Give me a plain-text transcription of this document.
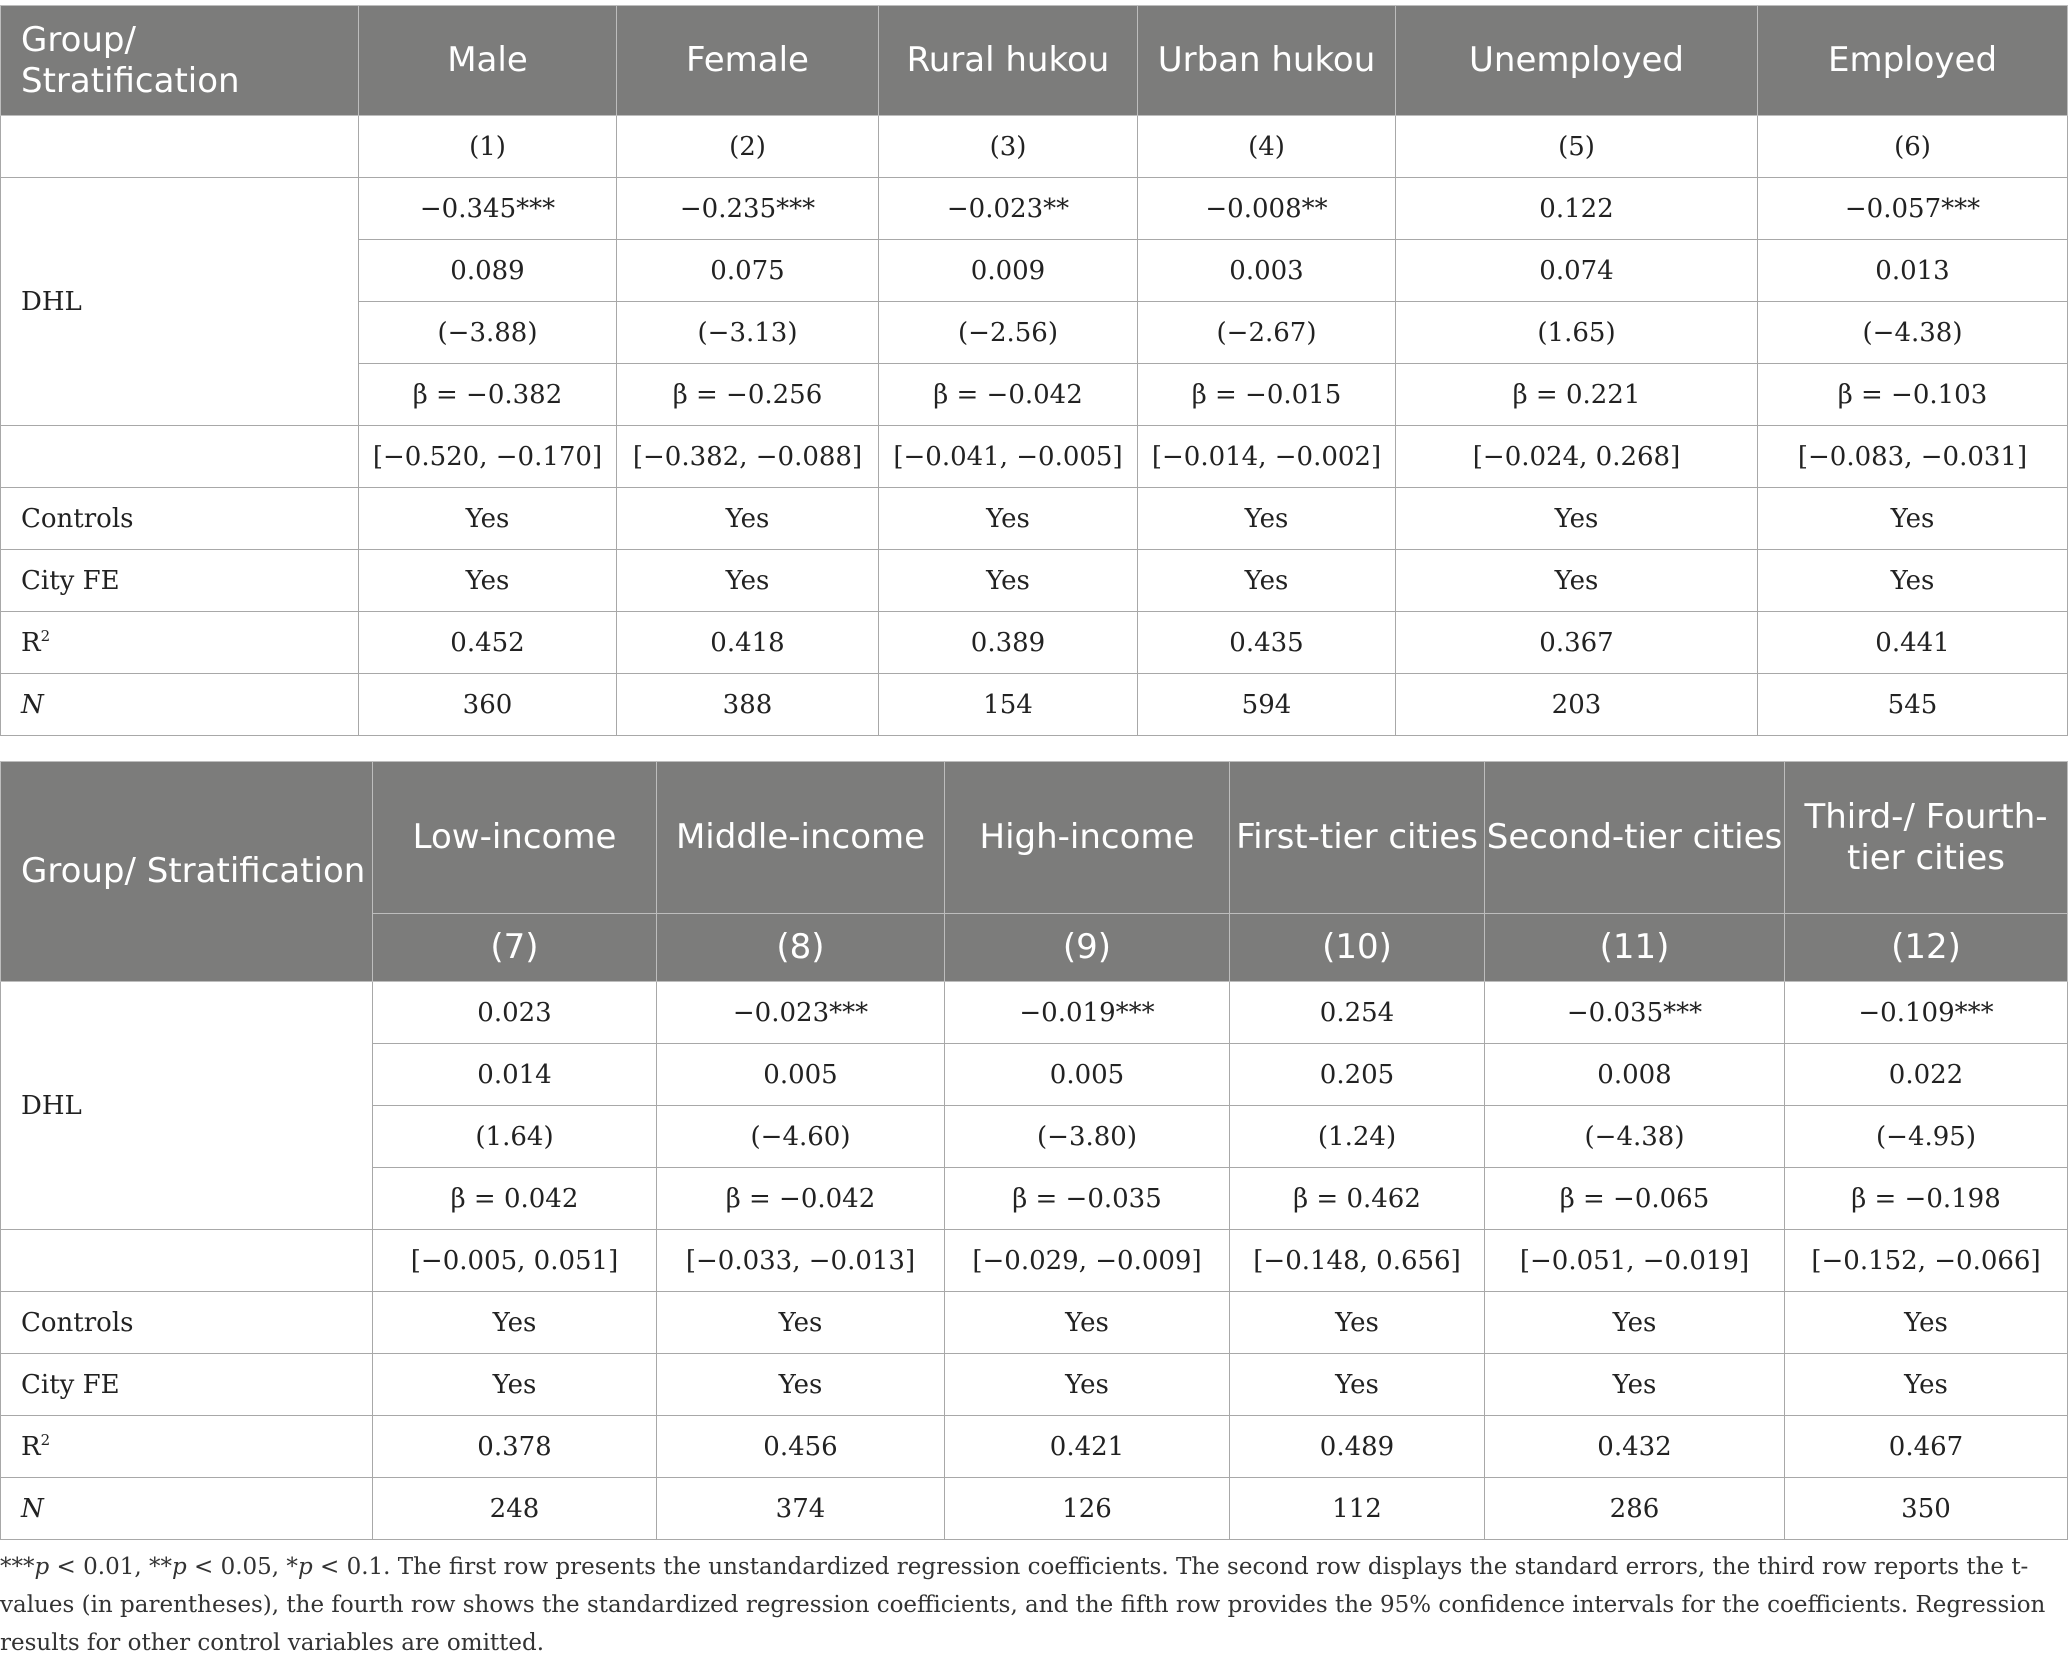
Group/ Stratification	Male	Female	Rural hukou	Urban hukou	Unemployed	Employed
	(1)	(2)	(3)	(4)	(5)	(6)
DHL	−0.345***	−0.235***	−0.023**	−0.008**	0.122	−0.057***
	0.089	0.075	0.009	0.003	0.074	0.013
	(−3.88)	(−3.13)	(−2.56)	(−2.67)	(1.65)	(−4.38)
	β = −0.382	β = −0.256	β = −0.042	β = −0.015	β = 0.221	β = −0.103
	[−0.520, −0.170]	[−0.382, −0.088]	[−0.041, −0.005]	[−0.014, −0.002]	[−0.024, 0.268]	[−0.083, −0.031]
Controls	Yes	Yes	Yes	Yes	Yes	Yes
City FE	Yes	Yes	Yes	Yes	Yes	Yes
$R^2$	0.452	0.418	0.389	0.435	0.367	0.441
N	360	388	154	594	203	545
Group/ Stratification	Low-income	Middle-income	High-income	First-tier cities	Second-tier cities	Third-/ Fourth-tier cities
	(7)	(8)	(9)	(10)	(11)	(12)
DHL	0.023	−0.023***	−0.019***	0.254	−0.035***	−0.109***
	0.014	0.005	0.005	0.205	0.008	0.022
	(1.64)	(−4.60)	(−3.80)	(1.24)	(−4.38)	(−4.95)
	β = 0.042	β = −0.042	β = −0.035	β = 0.462	β = −0.065	β = −0.198
	[−0.005, 0.051]	[−0.033, −0.013]	[−0.029, −0.009]	[−0.148, 0.656]	[−0.051, −0.019]	[−0.152, −0.066]
Controls	Yes	Yes	Yes	Yes	Yes	Yes
City FE	Yes	Yes	Yes	Yes	Yes	Yes
$R^2$	0.378	0.456	0.421	0.489	0.432	0.467
N	248	374	126	112	286	350
***p < 0.01, **p < 0.05, *p < 0.1. The first row presents the unstandardized regression coefficients. The second row displays the standard errors, the third row reports the t-values (in parentheses), the fourth row shows the standardized regression coefficients, and the fifth row provides the 95% confidence intervals for the coefficients. Regression results for other control variables are omitted.
